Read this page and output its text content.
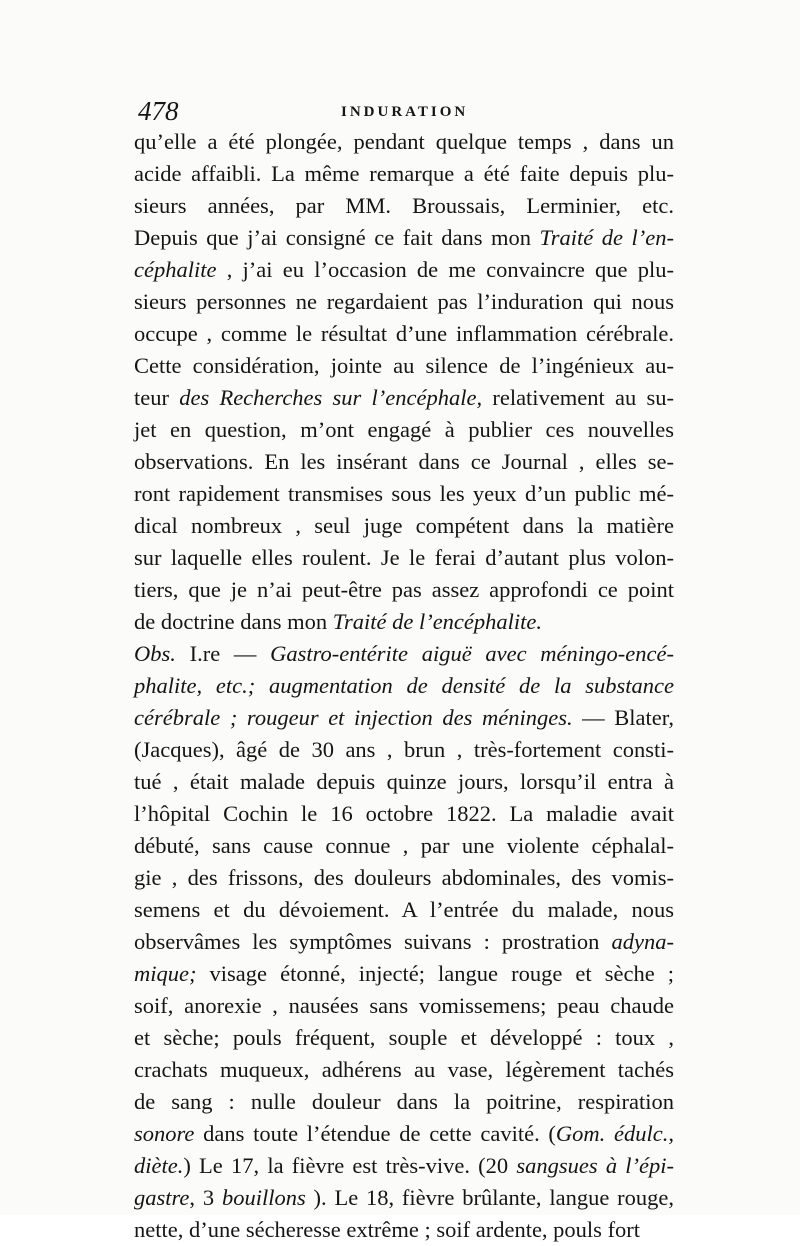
478	INDURATION
qu’elle a été plongée, pendant quelque temps , dans un
acide affaibli. La même remarque a été faite depuis plu-
sieurs années, par MM. Broussais, Lerminier, etc.
Depuis que j’ai consigné ce fait dans mon Traité de l’en-
céphalite , j’ai eu l’occasion de me convaincre que plu-
sieurs personnes ne regardaient pas l’induration qui nous
occupe , comme le résultat d’une inflammation cérébrale.
Cette considération, jointe au silence de l’ingénieux au-
teur des Recherches sur l’encéphale, relativement au su-
jet en question, m’ont engagé à publier ces nouvelles
observations. En les insérant dans ce Journal , elles se-
ront rapidement transmises sous les yeux d’un public mé-
dical nombreux , seul juge compétent dans la matière
sur laquelle elles roulent. Je le ferai d’autant plus volon-
tiers, que je n’ai peut-être pas assez approfondi ce point
de doctrine dans mon Traité de l’encéphalite.
Obs. I.re — Gastro-entérite aiguë avec méningo-encé-
phalite, etc.; augmentation de densité de la substance
cérébrale ; rougeur et injection des méninges. — Blater,
(Jacques), âgé de 30 ans , brun , très-fortement consti-
tué , était malade depuis quinze jours, lorsqu’il entra à
l’hôpital Cochin le 16 octobre 1822. La maladie avait
débuté, sans cause connue , par une violente céphalal-
gie , des frissons, des douleurs abdominales, des vomis-
semens et du dévoiement. A l’entrée du malade, nous
observâmes les symptômes suivans : prostration adyna-
mique; visage étonné, injecté; langue rouge et sèche ;
soif, anorexie , nausées sans vomissemens; peau chaude
et sèche; pouls fréquent, souple et développé : toux ,
crachats muqueux, adhérens au vase, légèrement tachés
de sang : nulle douleur dans la poitrine, respiration
sonore dans toute l’étendue de cette cavité. (Gom. édulc.,
diète.) Le 17, la fièvre est très-vive. (20 sangsues à l’épi-
gastre, 3 bouillons ). Le 18, fièvre brûlante, langue rouge,
nette, d’une sécheresse extrême ; soif ardente, pouls fort
